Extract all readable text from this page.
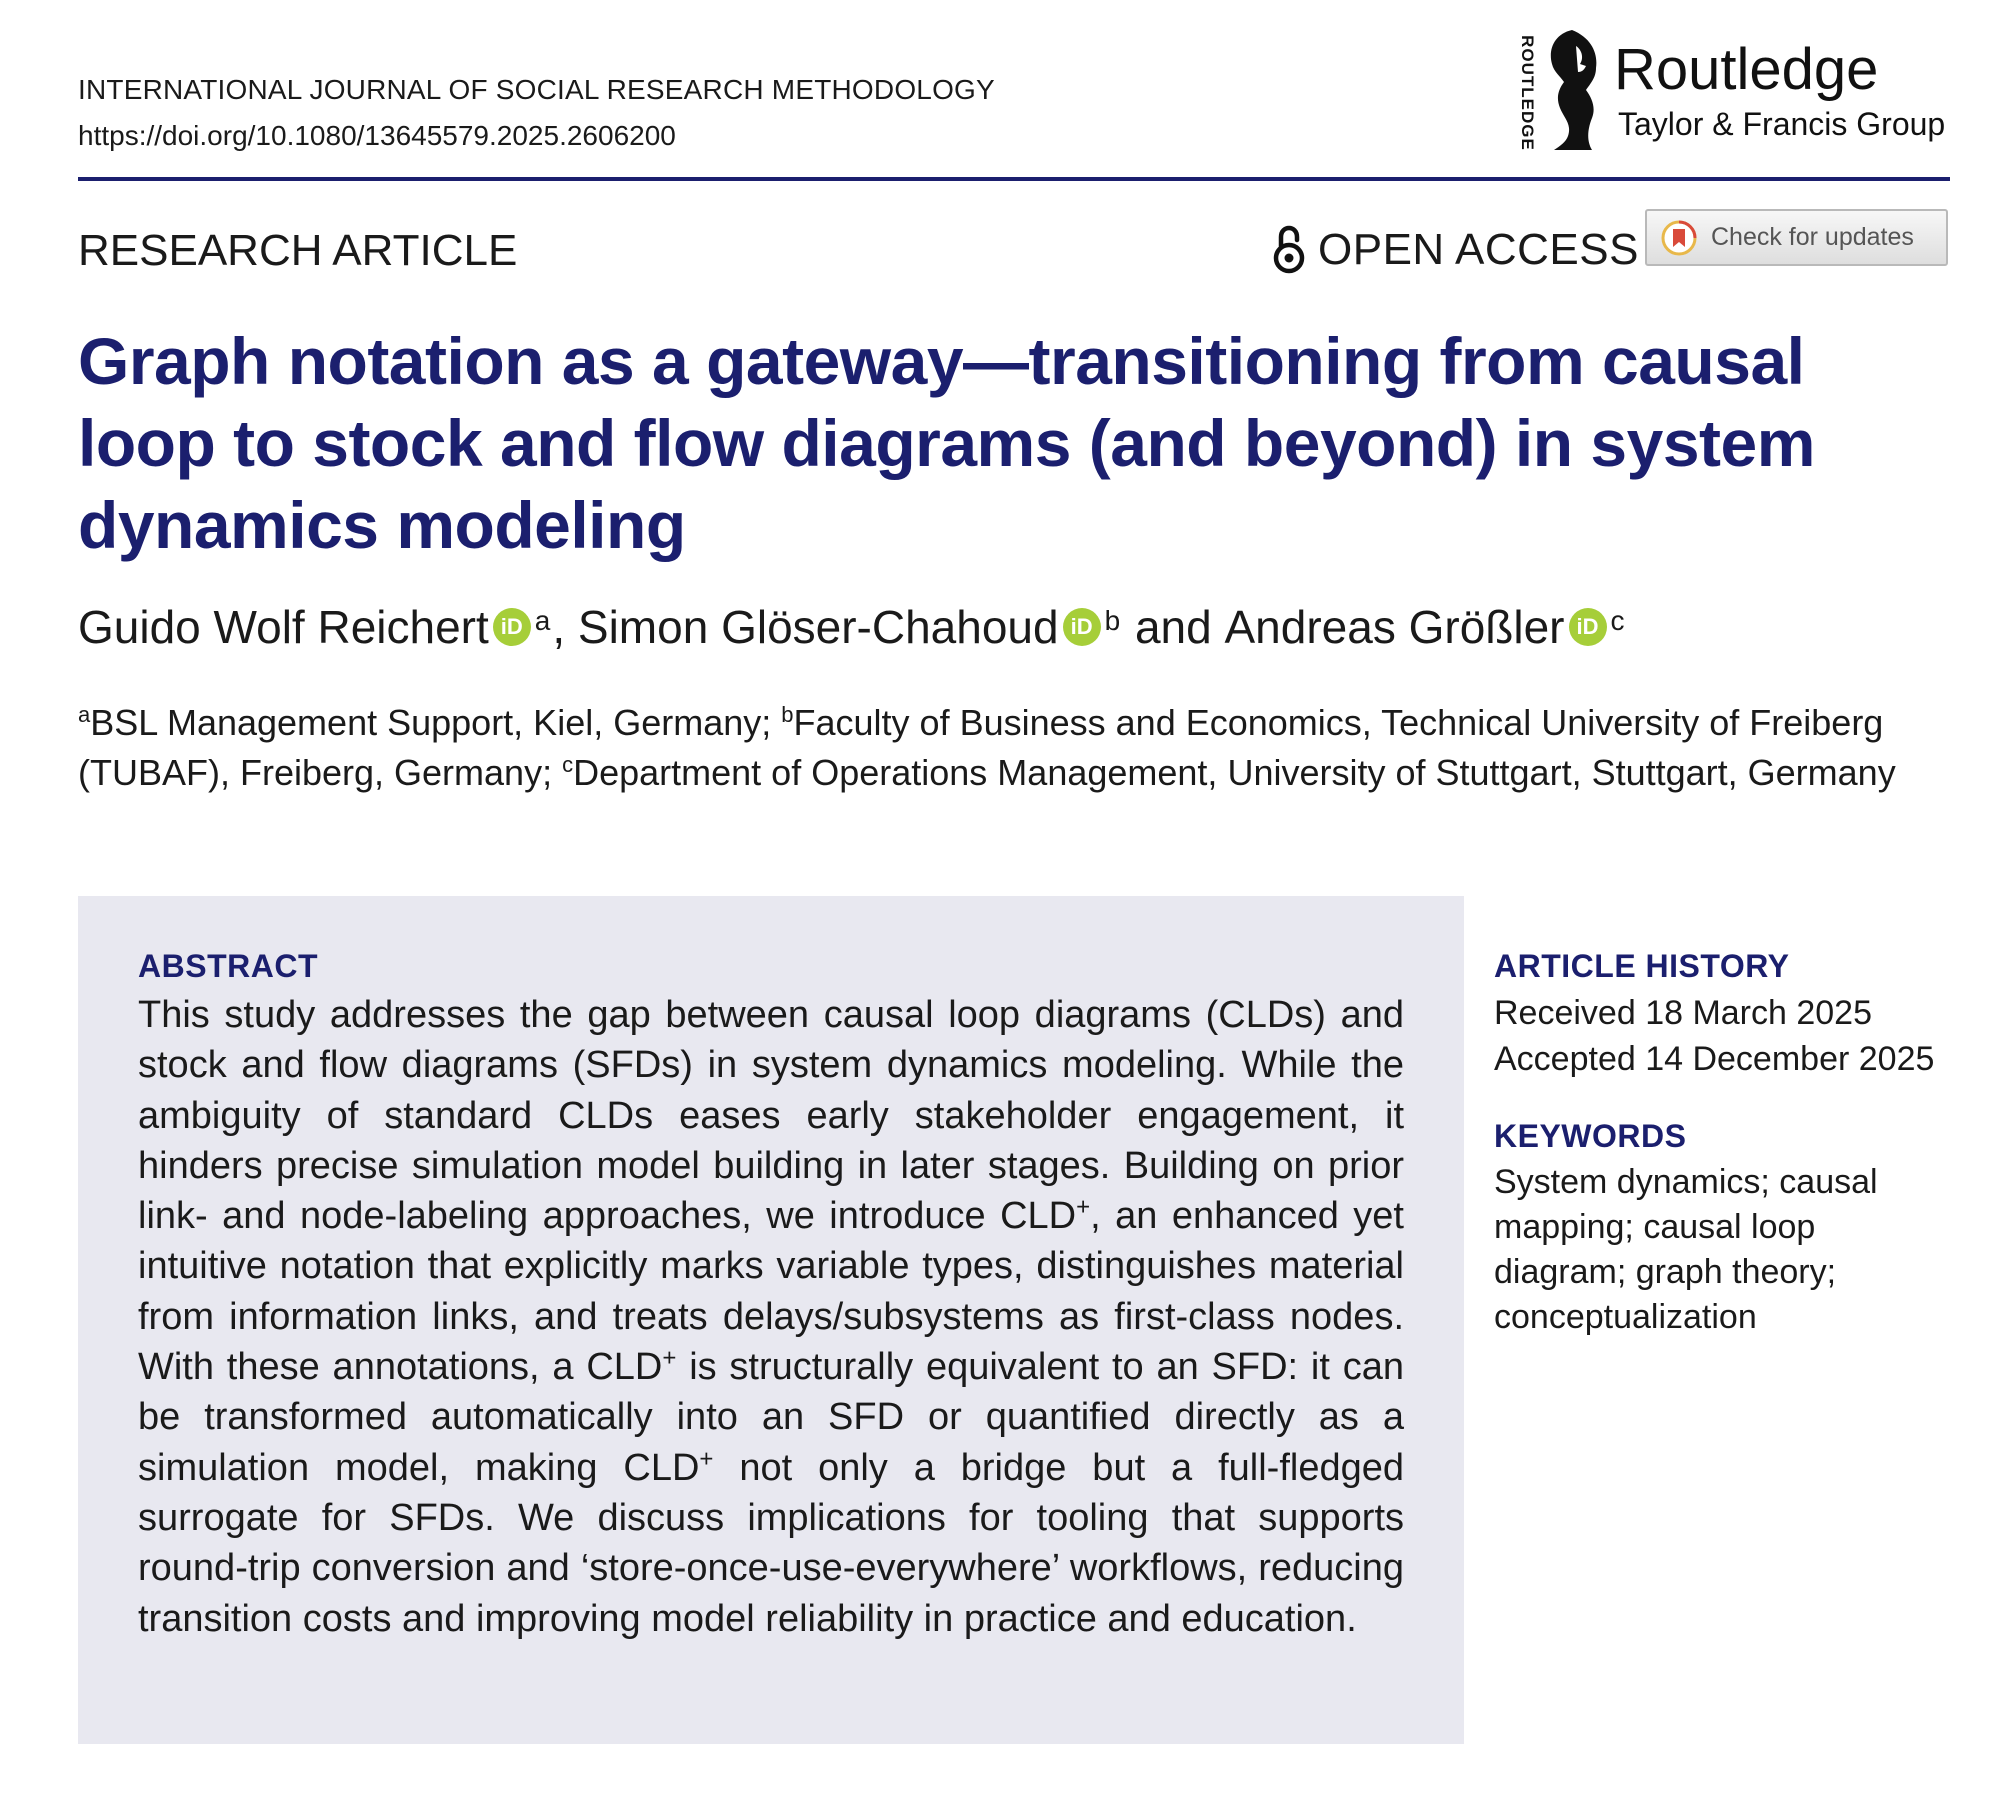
INTERNATIONAL JOURNAL OF SOCIAL RESEARCH METHODOLOGY
https://doi.org/10.1080/13645579.2025.2606200	ROUTLEDGE Routledge
Taylor & Francis Group
RESEARCH ARTICLE	OPEN ACCESS	Check for updates
Graph notation as a gateway—transitioning from causal loop to stock and flow diagrams (and beyond) in system dynamics modeling
Guido Wolf Reichert iD a , Simon Glöser-Chahoud iD b and Andreas Größler iD c

$^a$BSL Management Support, Kiel, Germany; $^b$Faculty of Business and Economics, Technical University of Freiberg (TUBAF), Freiberg, Germany; $^c$Department of Operations Management, University of Stuttgart, Stuttgart, Germany

ABSTRACT

This study addresses the gap between causal loop diagrams (CLDs) and stock and flow diagrams (SFDs) in system dynamics modeling. While the ambiguity of standard CLDs eases early stakeholder engagement, it hinders precise simulation model building in later stages. Building on prior link- and node-labeling approaches, we introduce CLD+, an enhanced yet intuitive notation that explicitly marks variable types, distinguishes material from information links, and treats delays/​subsystems as first-class nodes. With these annotations, a CLD+ is structurally equivalent to an SFD: it can be transformed automatically into an SFD or quantified directly as a simulation model, making CLD+ not only a bridge but a full-fledged surrogate for SFDs. We discuss implications for tooling that supports round-trip conversion and ‘store-once-use-everywhere’ workflows, reducing transition costs and improving model reliability in practice and education.

ARTICLE HISTORY
Received 18 March 2025
Accepted 14 December 2025
KEYWORDS

System dynamics; causal mapping; causal loop diagram; graph theory; conceptualization
